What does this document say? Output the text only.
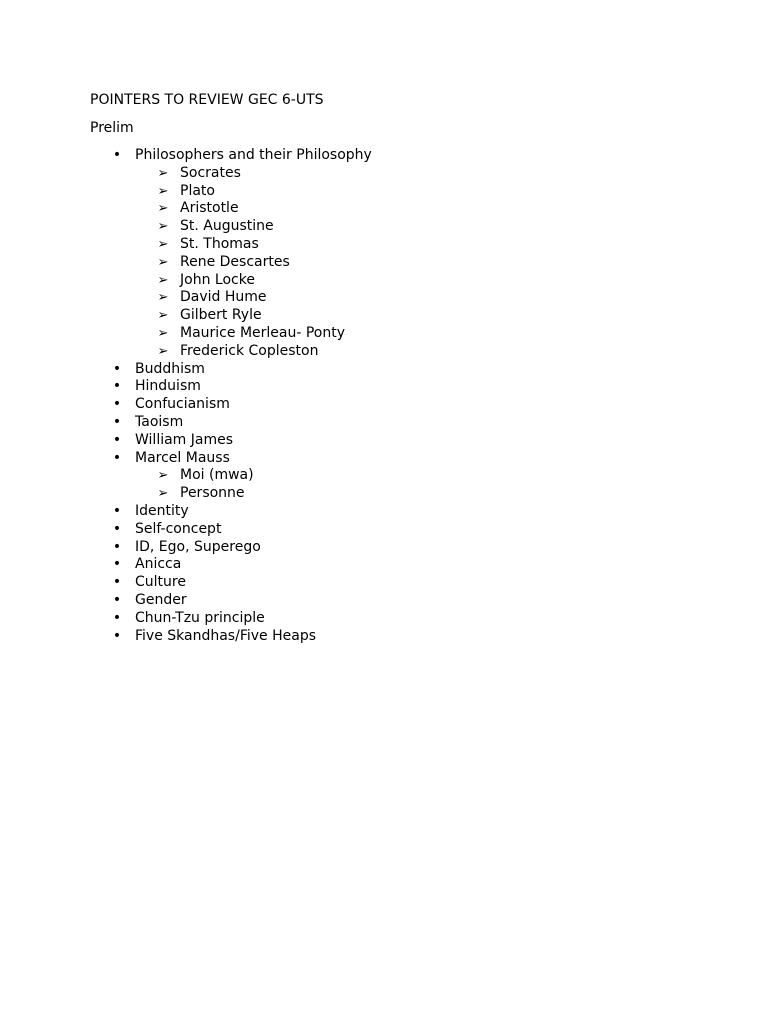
POINTERS TO REVIEW GEC 6-UTS
Prelim
• Philosophers and their Philosophy
➢ Socrates
➢ Plato
➢ Aristotle
➢ St. Augustine
➢ St. Thomas
➢ Rene Descartes
➢ John Locke
➢ David Hume
➢ Gilbert Ryle
➢ Maurice Merleau- Ponty
➢ Frederick Copleston
• Buddhism
• Hinduism
• Confucianism
• Taoism
• William James
• Marcel Mauss
➢ Moi (mwa)
➢ Personne
• Identity
• Self-concept
• ID, Ego, Superego
• Anicca
• Culture
• Gender
• Chun-Tzu principle
• Five Skandhas/Five Heaps
